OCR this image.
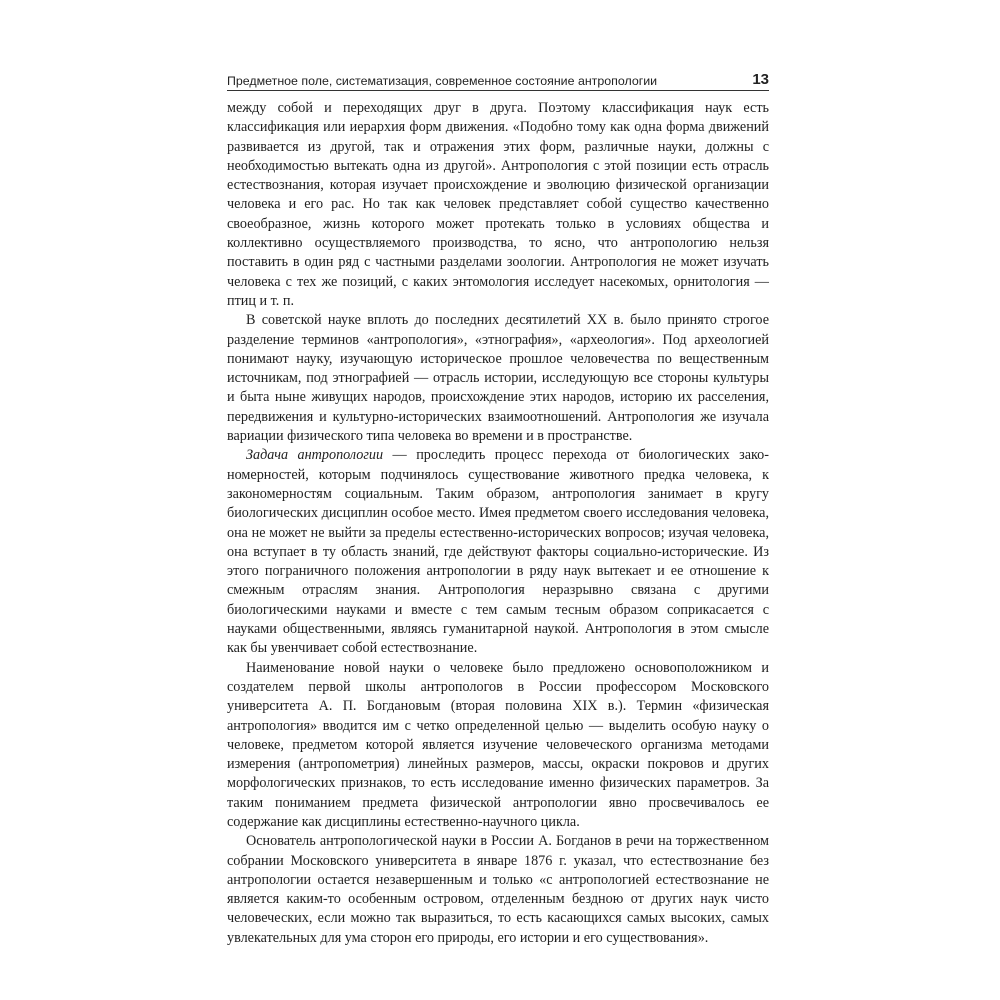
Предметное поле, систематизация, современное состояние антропологии	13

между собой и переходящих друг в друга. Поэтому классификация наук есть классификация или иерархия форм движения. «Подобно тому как одна форма движений развивается из другой, так и отражения этих форм, различные науки, должны с необходимостью вытекать одна из другой». Антропология с этой позиции есть отрасль естествознания, которая изучает происхождение и эволюцию физической организации человека и его рас. Но так как человек представляет собой существо качественно своеобразное, жизнь которого может протекать только в условиях общества и коллективно осуществляемого производства, то ясно, что антропологию нельзя поставить в один ряд с частными разделами зоологии. Антропология не может изучать человека с тех же позиций, с каких энтомология исследует насекомых, орнитология — птиц и т. п.

В советской науке вплоть до последних десятилетий XX в. было принято строгое разделение терминов «антропология», «этнография», «археология». Под археологией понимают науку, изучающую историческое прошлое человечества по вещественным источникам, под этнографией — отрасль истории, исследующую все стороны культуры и быта ныне живущих народов, происхождение этих народов, историю их расселения, передвижения и культурно-исторических взаимоотношений. Антропология же изучала вариации физического типа человека во времени и в пространстве.

Задача антропологии — проследить процесс перехода от биологических закономерностей, которым подчинялось существование животного предка человека, к закономерностям социальным. Таким образом, антропология занимает в кругу биологических дисциплин особое место. Имея предметом своего исследования человека, она не может не выйти за пределы естественно-исторических вопросов; изучая человека, она вступает в ту область знаний, где действуют факторы социально-исторические. Из этого пограничного положения антропологии в ряду наук вытекает и ее отношение к смежным отраслям знания. Антропология неразрывно связана с другими биологическими науками и вместе с тем самым тесным образом соприкасается с науками общественными, являясь гуманитарной наукой. Антропология в этом смысле как бы увенчивает собой естествознание.

Наименование новой науки о человеке было предложено основоположником и создателем первой школы антропологов в России профессором Московского университета А. П. Богдановым (вторая половина XIX в.). Термин «физическая антропология» вводится им с четко определенной целью — выделить особую науку о человеке, предметом которой является изучение человеческого организма методами измерения (антропометрия) линейных размеров, массы, окраски покровов и других морфологических признаков, то есть исследование именно физических параметров. За таким пониманием предмета физической антропологии явно просвечивалось ее содержание как дисциплины естественно-научного цикла.

Основатель антропологической науки в России А. Богданов в речи на торжественном собрании Московского университета в январе 1876 г. указал, что естествознание без антропологии остается незавершенным и только «с антропологией естествознание не является каким-то особенным островом, отделенным бездною от других наук чисто человеческих, если можно так выразиться, то есть касающихся самых высоких, самых увлекательных для ума сторон его природы, его истории и его существования».
